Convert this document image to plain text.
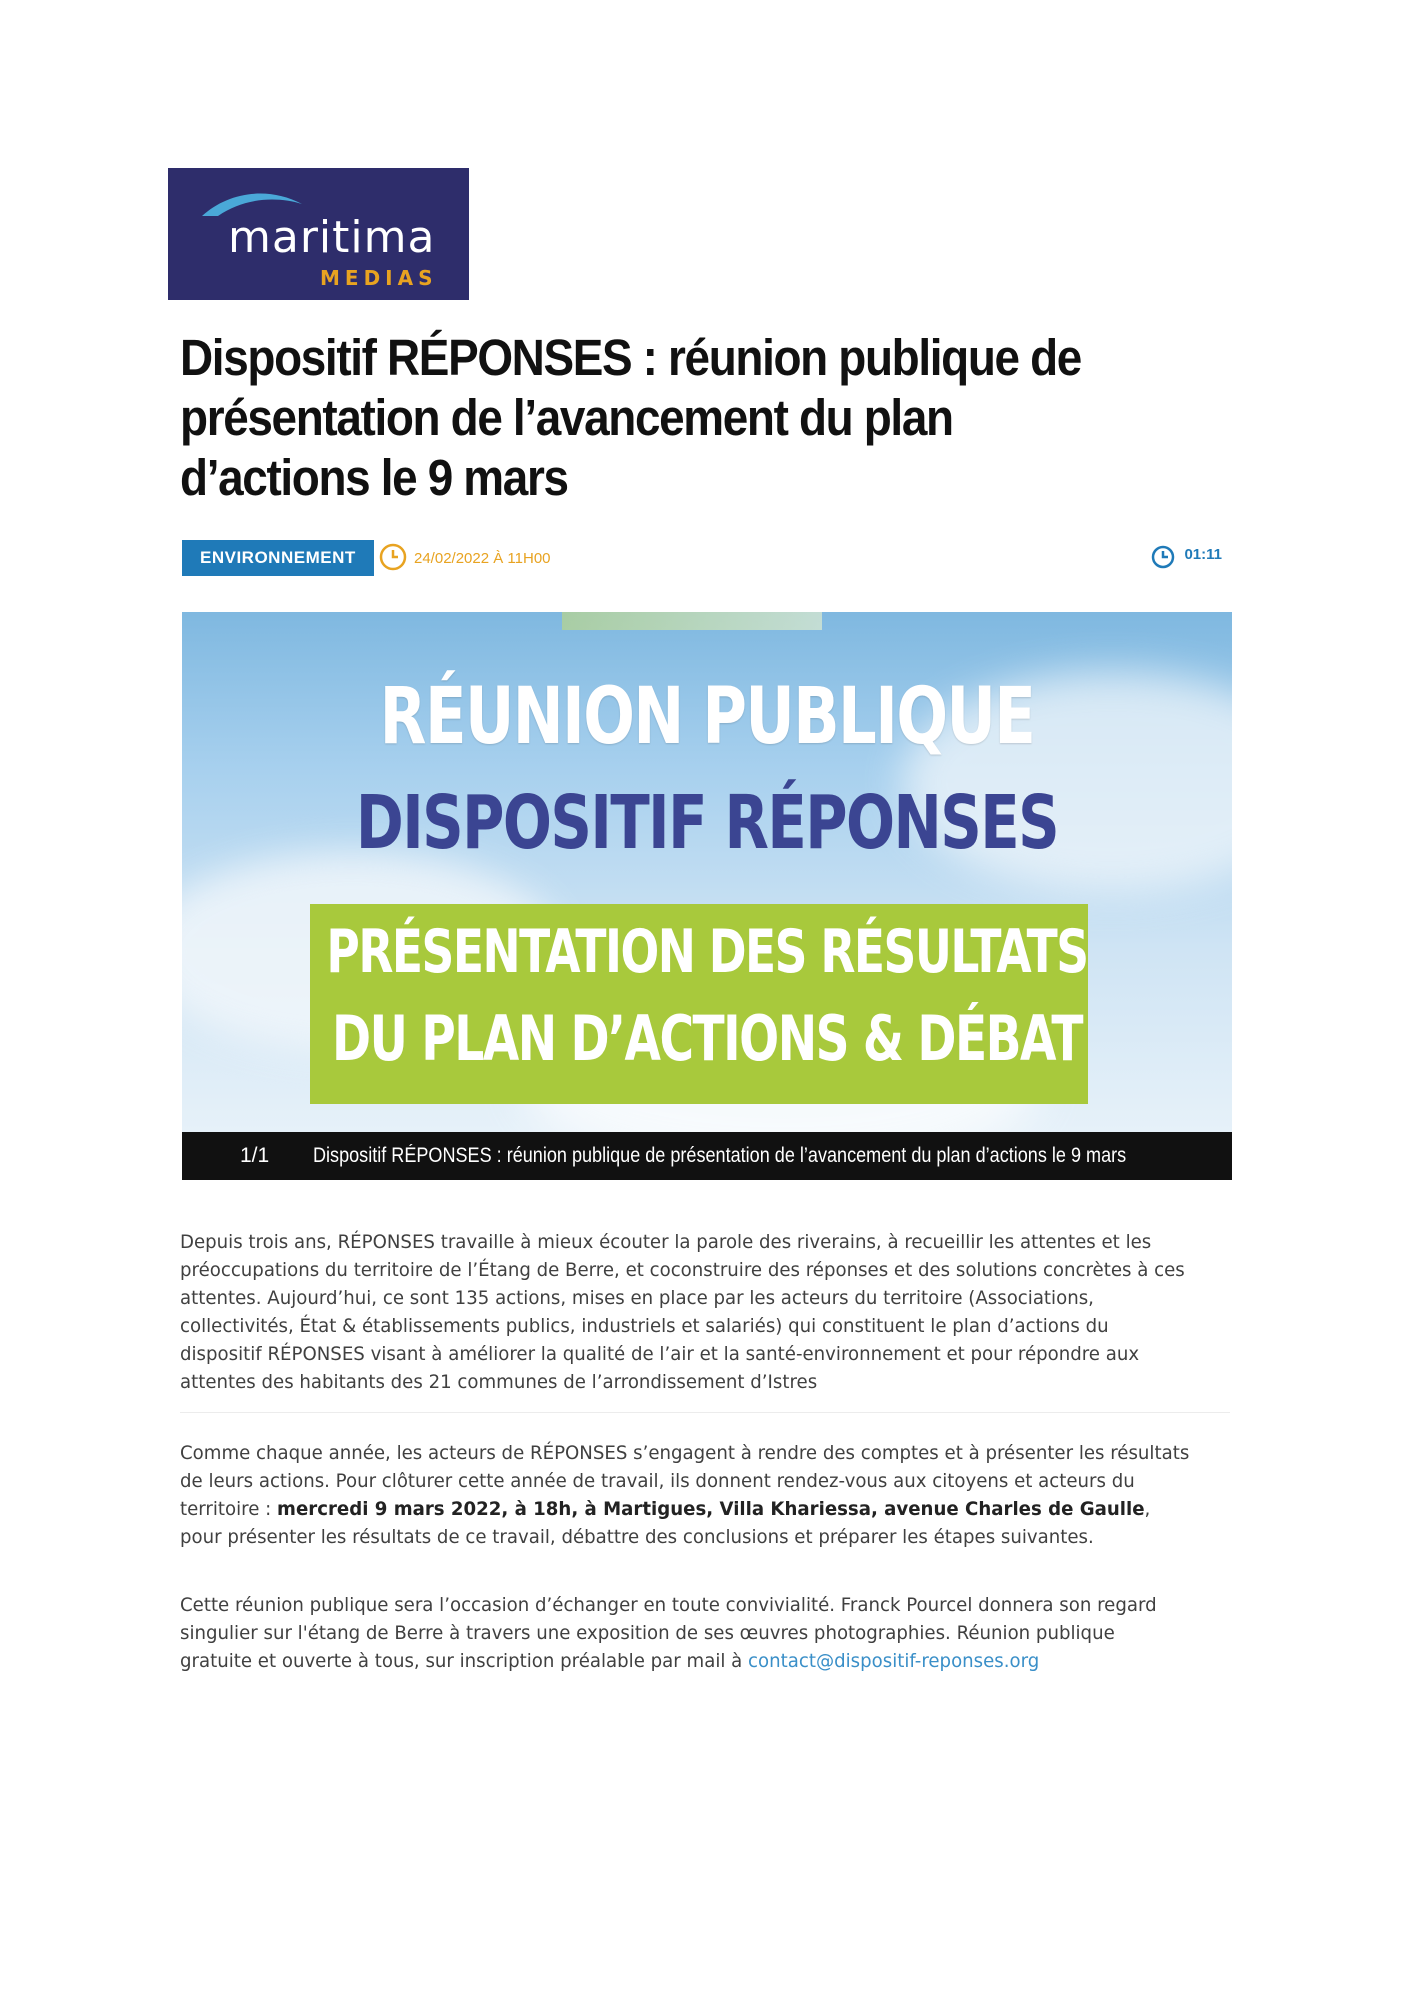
maritima
MEDIAS
Dispositif RÉPONSES : réunion publique de présentation de l’avancement du plan d’actions le 9 mars
ENVIRONNEMENT	24/02/2022 À 11H00	01:11
RÉUNION PUBLIQUE
DISPOSITIF RÉPONSES
PRÉSENTATION DES RÉSULTATS
DU PLAN D’ACTIONS & DÉBAT
1/1 Dispositif RÉPONSES : réunion publique de présentation de l’avancement du plan d’actions le 9 mars

Depuis trois ans, RÉPONSES travaille à mieux écouter la parole des riverains, à recueillir les attentes et les préoccupations du territoire de l’Étang de Berre, et coconstruire des réponses et des solutions concrètes à ces attentes. Aujourd’hui, ce sont 135 actions, mises en place par les acteurs du territoire (Associations, collectivités, État & établissements publics, industriels et salariés) qui constituent le plan d’actions du dispositif RÉPONSES visant à améliorer la qualité de l’air et la santé-environnement et pour répondre aux attentes des habitants des 21 communes de l’arrondissement d’Istres

Comme chaque année, les acteurs de RÉPONSES s’engagent à rendre des comptes et à présenter les résultats de leurs actions. Pour clôturer cette année de travail, ils donnent rendez-vous aux citoyens et acteurs du territoire : mercredi 9 mars 2022, à 18h, à Martigues, Villa Khariessa, avenue Charles de Gaulle, pour présenter les résultats de ce travail, débattre des conclusions et préparer les étapes suivantes.

Cette réunion publique sera l’occasion d’échanger en toute convivialité. Franck Pourcel donnera son regard singulier sur l'étang de Berre à travers une exposition de ses œuvres photographies. Réunion publique gratuite et ouverte à tous, sur inscription préalable par mail à contact@dispositif-reponses.org
